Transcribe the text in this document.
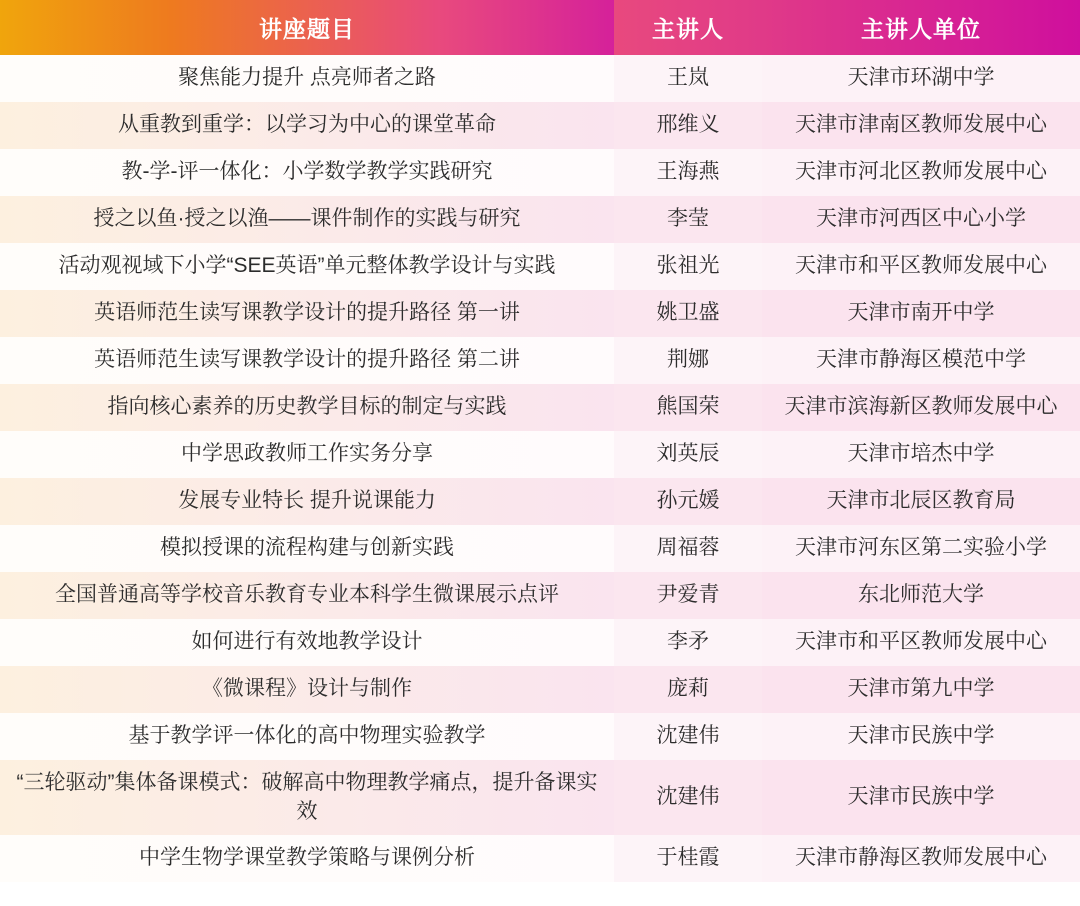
讲座题目	主讲人	主讲人单位
聚焦能力提升 点亮师者之路	王岚	天津市环湖中学
从重教到重学：以学习为中心的课堂革命	邢维义	天津市津南区教师发展中心
教-学-评一体化：小学数学教学实践研究	王海燕	天津市河北区教师发展中心
授之以鱼·授之以渔——课件制作的实践与研究	李莹	天津市河西区中心小学
活动观视域下小学“SEE英语”单元整体教学设计与实践	张祖光	天津市和平区教师发展中心
英语师范生读写课教学设计的提升路径 第一讲	姚卫盛	天津市南开中学
英语师范生读写课教学设计的提升路径 第二讲	荆娜	天津市静海区模范中学
指向核心素养的历史教学目标的制定与实践	熊国荣	天津市滨海新区教师发展中心
中学思政教师工作实务分享	刘英辰	天津市培杰中学
发展专业特长 提升说课能力	孙元媛	天津市北辰区教育局
模拟授课的流程构建与创新实践	周福蓉	天津市河东区第二实验小学
全国普通高等学校音乐教育专业本科学生微课展示点评	尹爱青	东北师范大学
如何进行有效地教学设计	李矛	天津市和平区教师发展中心
《微课程》设计与制作	庞莉	天津市第九中学
基于教学评一体化的高中物理实验教学	沈建伟	天津市民族中学
“三轮驱动”集体备课模式：破解高中物理教学痛点，提升备课实效	沈建伟	天津市民族中学
中学生物学课堂教学策略与课例分析	于桂霞	天津市静海区教师发展中心
